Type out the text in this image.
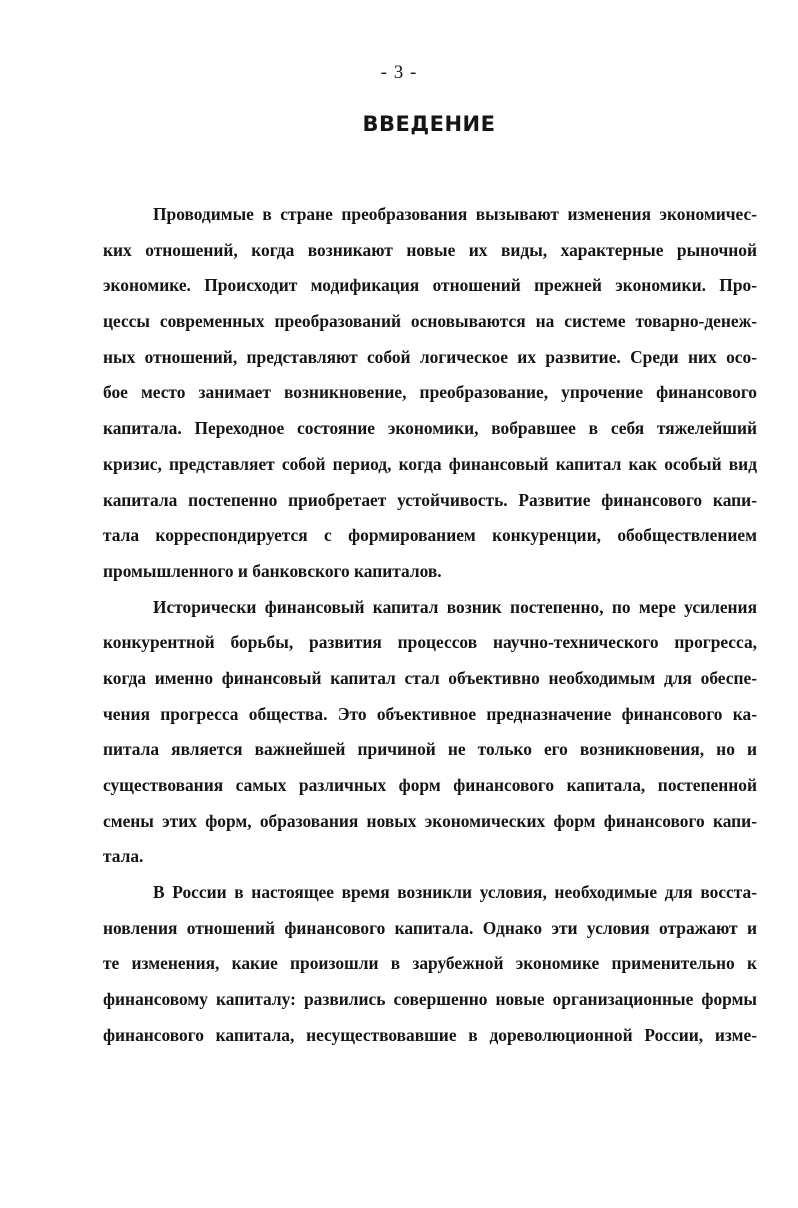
- 3 -
ВВЕДЕНИЕ
Проводимые в стране преобразования вызывают изменения экономичес-
ких отношений, когда возникают новые их виды, характерные рыночной
экономике. Происходит модификация отношений прежней экономики. Про-
цессы современных преобразований основываются на системе товарно-денеж-
ных отношений, представляют собой логическое их развитие. Среди них осо-
бое место занимает возникновение, преобразование, упрочение финансового
капитала. Переходное состояние экономики, вобравшее в себя тяжелейший
кризис, представляет собой период, когда финансовый капитал как особый вид
капитала постепенно приобретает устойчивость. Развитие финансового капи-
тала корреспондируется с формированием конкуренции, обобществлением
промышленного и банковского капиталов.
Исторически финансовый капитал возник постепенно, по мере усиления
конкурентной борьбы, развития процессов научно-технического прогресса,
когда именно финансовый капитал стал объективно необходимым для обеспе-
чения прогресса общества. Это объективное предназначение финансового ка-
питала является важнейшей причиной не только его возникновения, но и
существования самых различных форм финансового капитала, постепенной
смены этих форм, образования новых экономических форм финансового капи-
тала.
В России в настоящее время возникли условия, необходимые для восста-
новления отношений финансового капитала. Однако эти условия отражают и
те изменения, какие произошли в зарубежной экономике применительно к
финансовому капиталу: развились совершенно новые организационные формы
финансового капитала, несуществовавшие в дореволюционной России, изме-
